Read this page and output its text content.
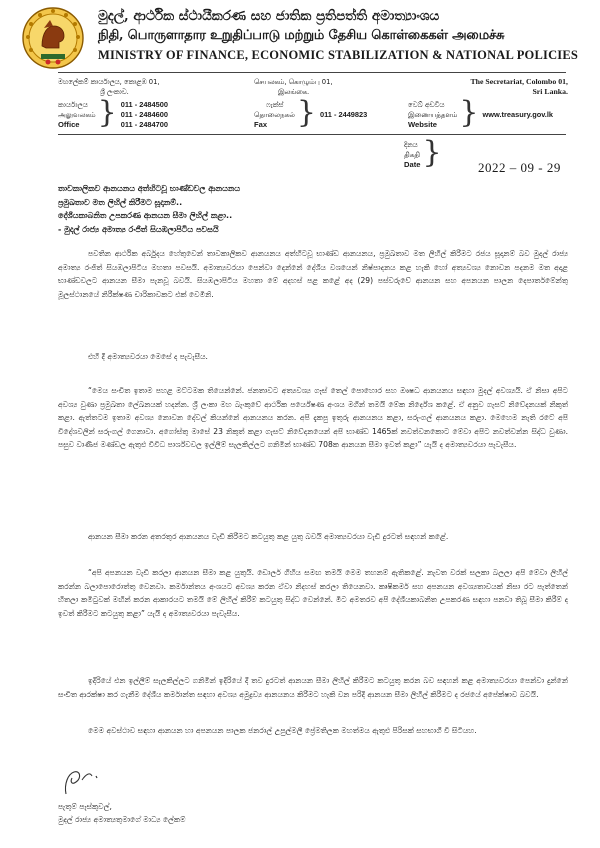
මුදල්, ආර්ථික ස්ථායීකරණ සහ ජාතික ප්‍රතිපත්ති අමාත්‍යාංශය
நிதி, பொருளாதார உறுதிப்பாடு மற்றும் தேசிய கொள்கைகள் அமைச்சு
MINISTRY OF FINANCE, ECONOMIC STABILIZATION & NATIONAL POLICIES
මහලේකම් කාර්යාලය, කොළඹ 01,
ශ්‍රී ලංකාව.
செயலகம், கொழும்பு 01,
இலங்கை.
The Secretariat, Colombo 01,
Sri Lanka.
කාර්යාලය
அலுவலகம்
Office } 011 - 2484500
011 - 2484600
011 - 2484700
ෆැක්ස්
தொலைநகல்
Fax } 011 - 2449823
වෙබ් අඩවිය
இணையத்தளம்
Website } www.treasury.gov.lk
දිනය
திகதி
Date }	2022 – 09 - 29
තාවකාලිකව ආනයනය අත්හිටවූ භාණ්ඩවල ආනයනය
ප්‍රමුඛතාව මත ලිහිල් කිරීමට සූදානම්..
දේශීයකාබනිත උපකරණ ආනයන සීමා ලිහිල් කළා..
- මුදල් රාජ්‍ය අමාත්‍ය රංජිත් සියඹලාපිටිය පවසයි
පවතින ආර්ථික අර්බුදය හේතුවෙන් තාවකාලිකව ආනයනය අත්හිටවූ භාණ්ඩ ආනයනය, ප්‍රමුඛතාව මත ලිහිල් කිරීමට රජය සූදානම් බව මුදල් රාජ්‍ය අමාත්‍ය රංජිත් සියඹලාපිටිය මහතා පවසයි. අමාත්‍යවරයා පෙන්වා දෙන්නේ දේශීය වශයෙන් නිෂ්පාදනය කළ හැකි හෝ අත්‍යවශ්‍ය නොවන පදනම මත අදාළ භාණ්ඩවලට ආනයන සීමා පැනවූ බවයි. සියඹලාපිටිය මහතා මේ අදහස් පළ කළේ අද (29) පස්වරුවේ ආනයන සහ අපනයන පාලන දෙපාර්තමේන්තු මූලස්ථානයේ නිරීක්ෂණ චාරිකාවකට එක් වෙමිනි.
එහි දී අමාත්‍යවරයා මෙසේ ද පැවැසීය.
“මෙය සංචිත ඉතාම පහළ මට්ටමක තියෙන්නේ. ජනතාවට අත්‍යවශ්‍ය ගෑස් තෙල් පොහොර සහ ඖෂධ ආනයනය සඳහා මුදල් අවශ්‍යයි. ඒ නිසා අපිට අවශ්‍ය වුණා ප්‍රමුඛතා ලේඛනයක් හදන්න. ශ්‍රී ලංකා මහ බැංකුවේ ආර්ථික පර්යේෂණ අංශය මගින් තමයි මේක නිර්දේශ කළේ. ඒ අනුව ගැසට් නිවේදනයක් නිකුත් කළා. ඇත්තටම ඉතාම අවශ්‍ය නොවන දේවල් කියන්නේ ආනයනය කරන. අපි දැකපු ඉතුරු ආනයනය කළා, සරුංගල් ආනයනය කළා. මෙහෙම නැති රටේ අපි විදේශවලින් සරුංගල් ගෙනාවා. අගෝස්තු මාසේ 23 නිකුත් කළා ගැසට් නිවේදනයෙන් අපි භාණ්ඩ 1465ක් නවත්වනකොට මේවා අපිට නවත්වන්න සිද්ධ වුණා. පසුව වාණිජ මණ්ඩල ඇතුළු විවිධ පාර්ශ්වවල ඉල්ලීම් සැලකිල්ලට ගනිමින් භාණ්ඩ 708ක ආනයන සීමා ඉවත් කළා” යැයි ද අමාත්‍යවරයා පැවැසීය.
ආනයන සීමා කරන අතරතුර ආනයනය වැඩි කිරීමට කටයුතු කළ යුතු බවයි අමාත්‍යවරයා වැඩි දුරටත් සඳහන් කළේ.
“අපි අපනයන වැඩි කරලා ආනයන සීමා කළ යුතුයි. ඩොලර් ගිහිය සමඟ තමයි මෙම තහනම් ඇතිකළේ. නැවත වරක් සලකා බලලා අපි මේවා ලිහිල් කරන්න බලාපොරොත්තු වෙනවා. කර්මාන්තය අංශයට අවශ්‍ය කරන ඒවා නිදහස් කරලා තියෙනවා. කෘෂිකර්ම සහ අපනයන අවශ්‍යතාවයක් නිසා රට පැත්තෙන් හිතලා කමිටුවක් මඟින් කරන ආකාරයට තමයි මේ ලිහිල් කිරීම් කටයුතු සිද්ධ වෙන්නේ. මීට අමතරව අපි දේශීයකාබනිත උපකරණ සඳහා පනවා තිබූ සීමා කිරීම් ද ඉවත් කිරීමට කටයුතු කළා” යැයි ද අමාත්‍යවරයා පැවැසීය.
ඉදිරියේ එන ඉල්ලීම් සැලකිල්ලට ගනිමින් ඉදිරියේ දී තව දුරටත් ආනයන සීමා ලිහිල් කිරීමට කටයුතු කරන බව සඳහන් කළ අමාත්‍යවරයා පෙන්වා දුන්නේ සංචිත ආරක්ෂා කර ගැනීම දේශීය කර්මාන්ත සඳහා අවශ්‍ය අමුද්‍රව්‍ය ආනයනය කිරීමට හැකි වන පරිදි ආනයන සීමා ලිහිල් කිරීමට ද රජයේ අපේක්ෂාව බවයි.
මෙම අවස්ථාව සඳහා ආනයන හා අපනයන පාලක ජනරාල් උපුල්මලී ප්‍රේමතිලක මහත්මය ඇතුළු පිරිසක් සහභාගී වී සිටියහ.
පැතුම් පැස්කුවල්,
මුදල් රාජ්‍ය අමාත්‍යතුමාගේ මාධ්‍ය ලේකම්
